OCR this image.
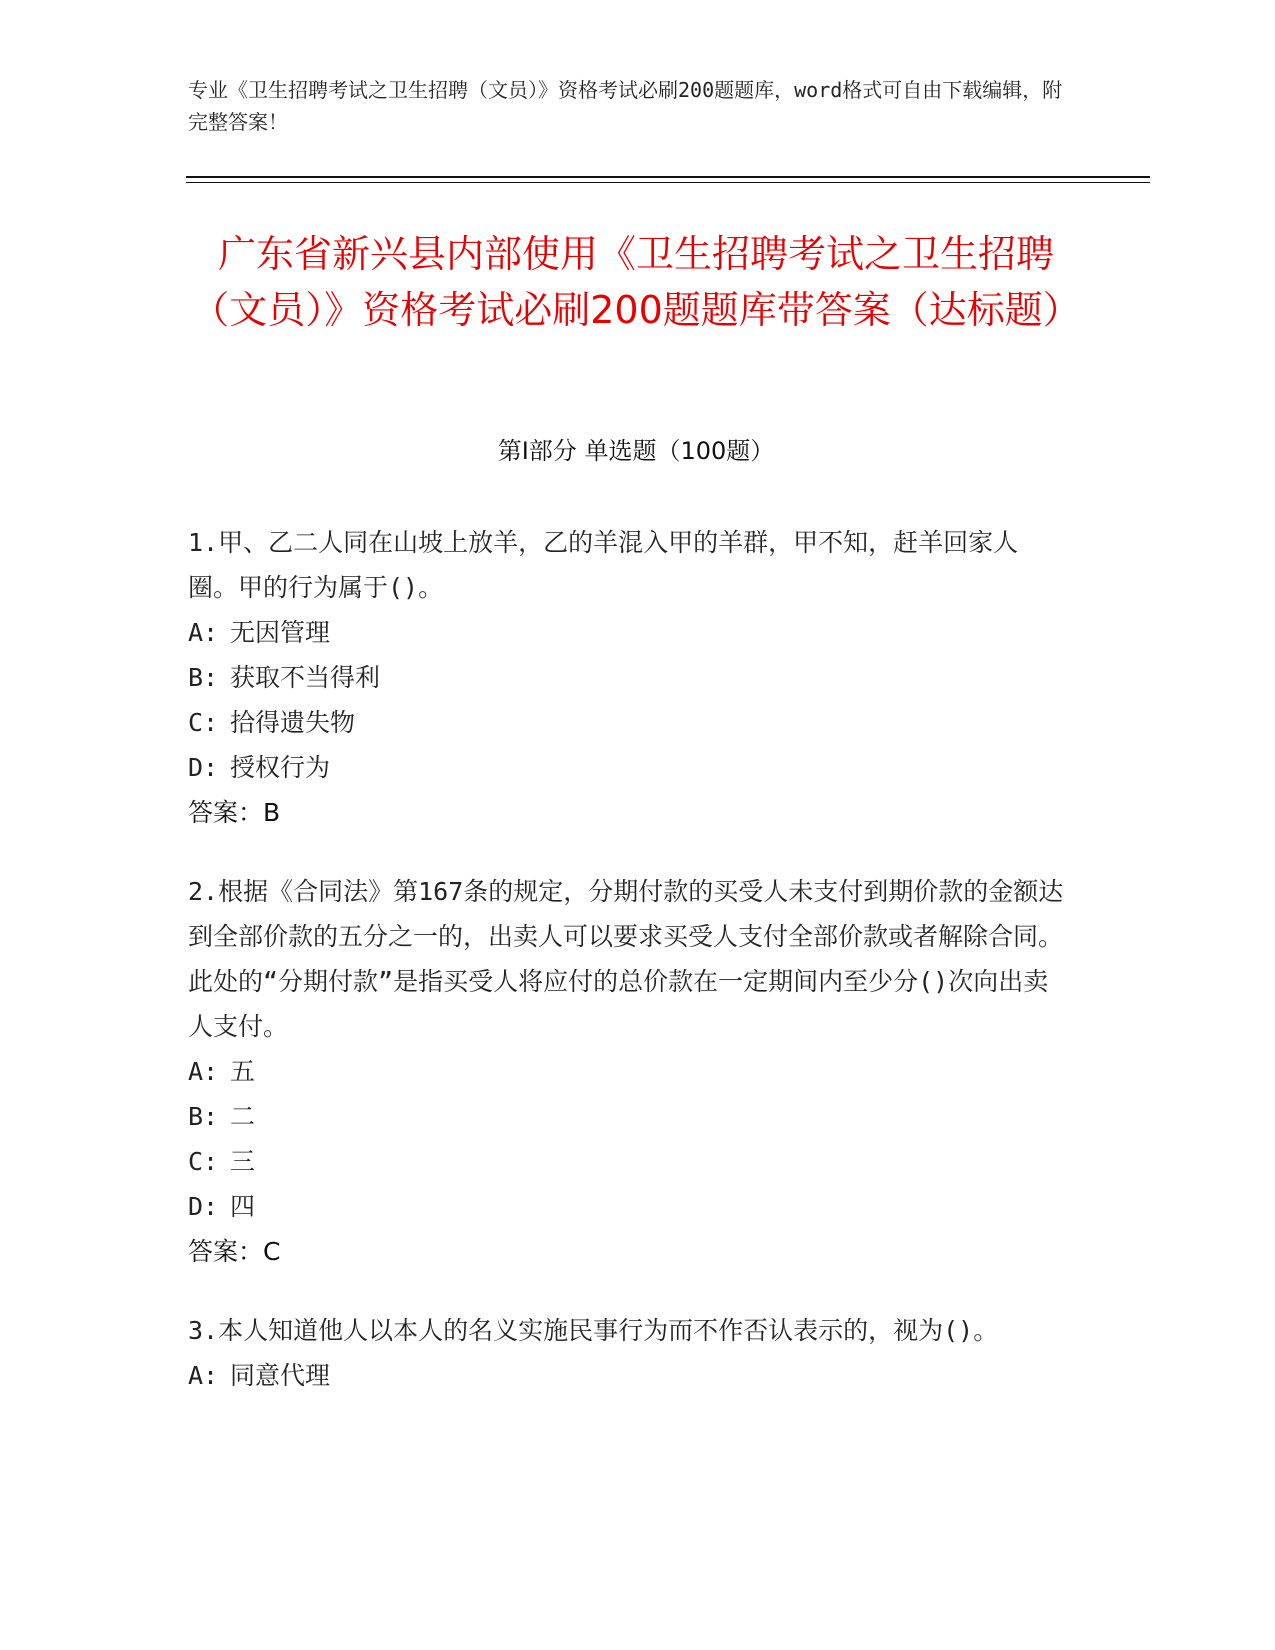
专业《卫生招聘考试之卫生招聘（文员）》资格考试必刷200题题库，word格式可自由下载编辑，附完整答案！
广东省新兴县内部使用《卫生招聘考试之卫生招聘（文员）》资格考试必刷200题题库带答案（达标题）
第Ⅰ部分 单选题（100题）

1.甲、乙二人同在山坡上放羊，乙的羊混入甲的羊群，甲不知，赶羊回家人圈。甲的行为属于()。

A: 无因管理

B: 获取不当得利

C: 拾得遗失物

D: 授权行为

答案：B

2.根据《合同法》第167条的规定，分期付款的买受人未支付到期价款的金额达到全部价款的五分之一的，出卖人可以要求买受人支付全部价款或者解除合同。此处的“分期付款”是指买受人将应付的总价款在一定期间内至少分()次向出卖人支付。

A: 五

B: 二

C: 三

D: 四

答案：C

3.本人知道他人以本人的名义实施民事行为而不作否认表示的，视为()。

A: 同意代理
